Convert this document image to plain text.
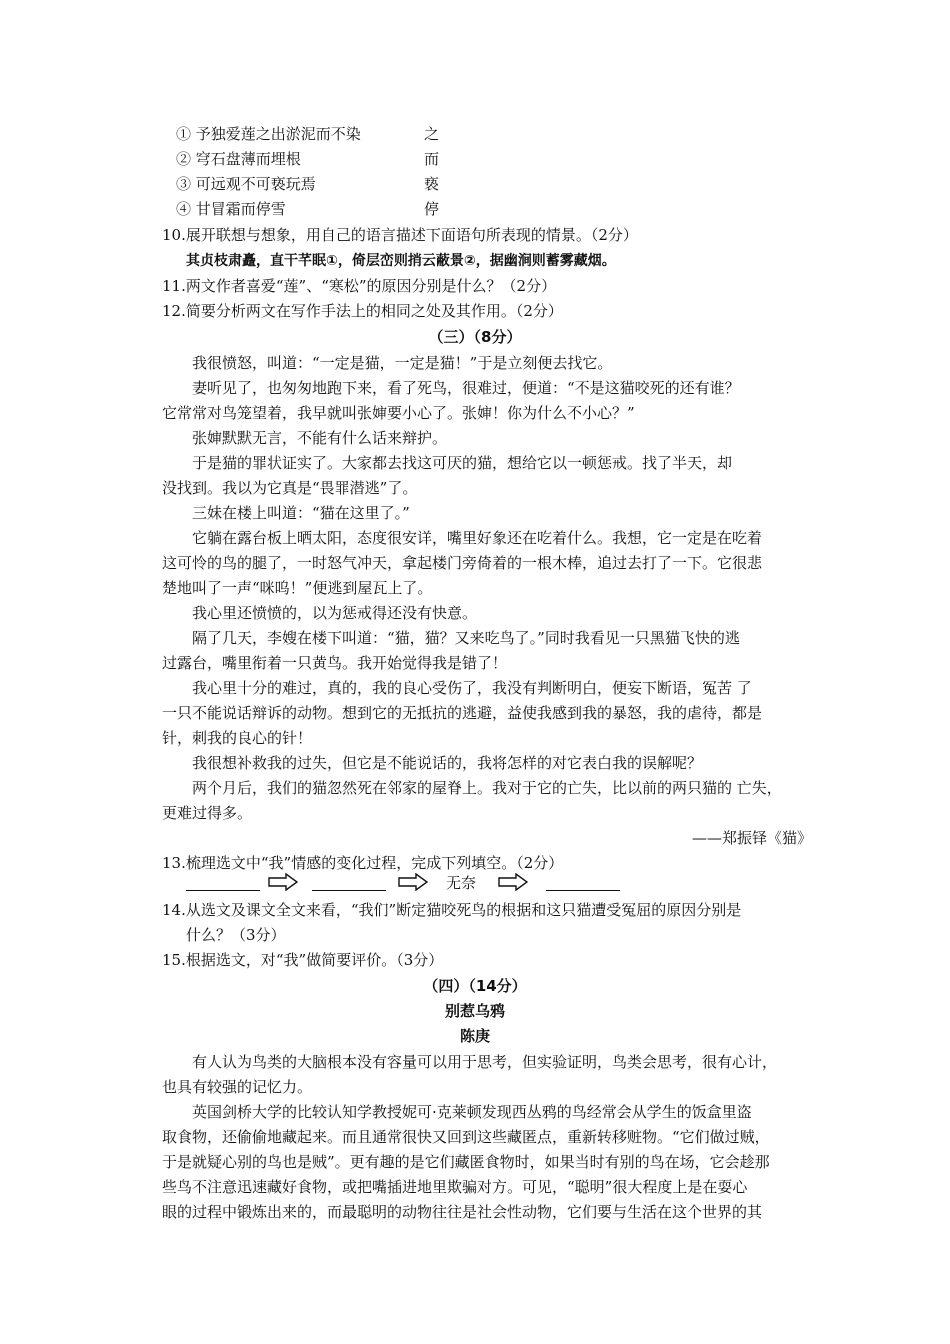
① 予独爱莲之出淤泥而不染	之
② 穹石盘薄而埋根	而
③ 可远观不可亵玩焉	亵
④ 甘冒霜而停雪	停
10.展开联想与想象，用自己的语言描述下面语句所表现的情景。（2分）
其贞枝肃矗，直干芊眠①，倚层峦则捎云蔽景②，据幽涧则蓄雾藏烟。
11.两文作者喜爱“莲”、“寒松”的原因分别是什么？（2分）
12.简要分析两文在写作手法上的相同之处及其作用。（2分）
（三）（8分）
我很愤怒，叫道：“一定是猫，一定是猫！”于是立刻便去找它。
妻听见了，也匆匆地跑下来，看了死鸟，很难过，便道：“不是这猫咬死的还有谁？
它常常对鸟笼望着，我早就叫张婶要小心了。张婶！你为什么不小心？”
张婶默默无言，不能有什么话来辩护。
于是猫的罪状证实了。大家都去找这可厌的猫，想给它以一顿惩戒。找了半天，却
没找到。我以为它真是“畏罪潜逃”了。
三妹在楼上叫道：“猫在这里了。”
它躺在露台板上晒太阳，态度很安详，嘴里好象还在吃着什么。我想，它一定是在吃着
这可怜的鸟的腿了，一时怒气冲天，拿起楼门旁倚着的一根木棒，追过去打了一下。它很悲
楚地叫了一声“咪呜！”便逃到屋瓦上了。
我心里还愤愤的，以为惩戒得还没有快意。
隔了几天，李嫂在楼下叫道：“猫，猫？又来吃鸟了。”同时我看见一只黑猫飞快的逃
过露台，嘴里衔着一只黄鸟。我开始觉得我是错了！
我心里十分的难过，真的，我的良心受伤了，我没有判断明白，便妄下断语，冤苦 了
一只不能说话辩诉的动物。想到它的无抵抗的逃避，益使我感到我的暴怒，我的虐待，都是
针，刺我的良心的针！
我很想补救我的过失，但它是不能说话的，我将怎样的对它表白我的误解呢？
两个月后，我们的猫忽然死在邻家的屋脊上。我对于它的亡失，比以前的两只猫的 亡失，
更难过得多。
——郑振铎《猫》
13.梳理选文中“我”情感的变化过程，完成下列填空。（2分）
无奈
14.从选文及课文全文来看，“我们”断定猫咬死鸟的根据和这只猫遭受冤屈的原因分别是
什么？（3分）
15.根据选文，对“我”做简要评价。（3分）
（四）（14分）
别惹乌鸦
陈庚
有人认为鸟类的大脑根本没有容量可以用于思考，但实验证明，鸟类会思考，很有心计，
也具有较强的记忆力。
英国剑桥大学的比较认知学教授妮可·克莱顿发现西丛鸦的鸟经常会从学生的饭盒里盗
取食物，还偷偷地藏起来。而且通常很快又回到这些藏匿点，重新转移赃物。“它们做过贼，
于是就疑心别的鸟也是贼”。更有趣的是它们藏匿食物时，如果当时有别的鸟在场，它会趁那
些鸟不注意迅速藏好食物，或把嘴插进地里欺骗对方。可见，“聪明”很大程度上是在耍心
眼的过程中锻炼出来的，而最聪明的动物往往是社会性动物，它们要与生活在这个世界的其
